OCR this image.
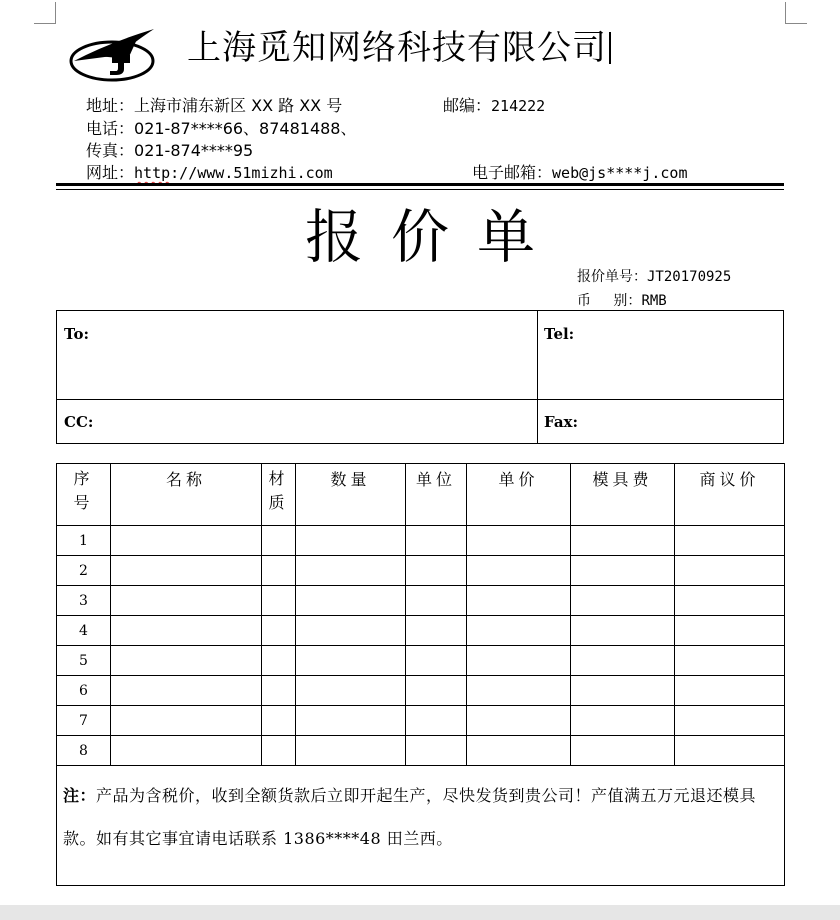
上海觅知网络科技有限公司
地址：上海市浦东新区 XX 路 XX 号	邮编：214222
电话：021-87****66、87481488、
传真：021-874****95
网址：http://www.51mizhi.com	电子邮箱：web@js****j.com
报价单
报价单号：JT20170925
币　 别：RMB
To:	Tel:
CC:	Fax:
序号	名称	材质	数量	单位	单价	模具费	商议价
1							
2							
3							
4							
5							
6							
7							
8							
注：产品为含税价，收到全额货款后立即开起生产，尽快发货到贵公司！产值满五万元退还模具款。如有其它事宜请电话联系 1386****48 田兰西。							
